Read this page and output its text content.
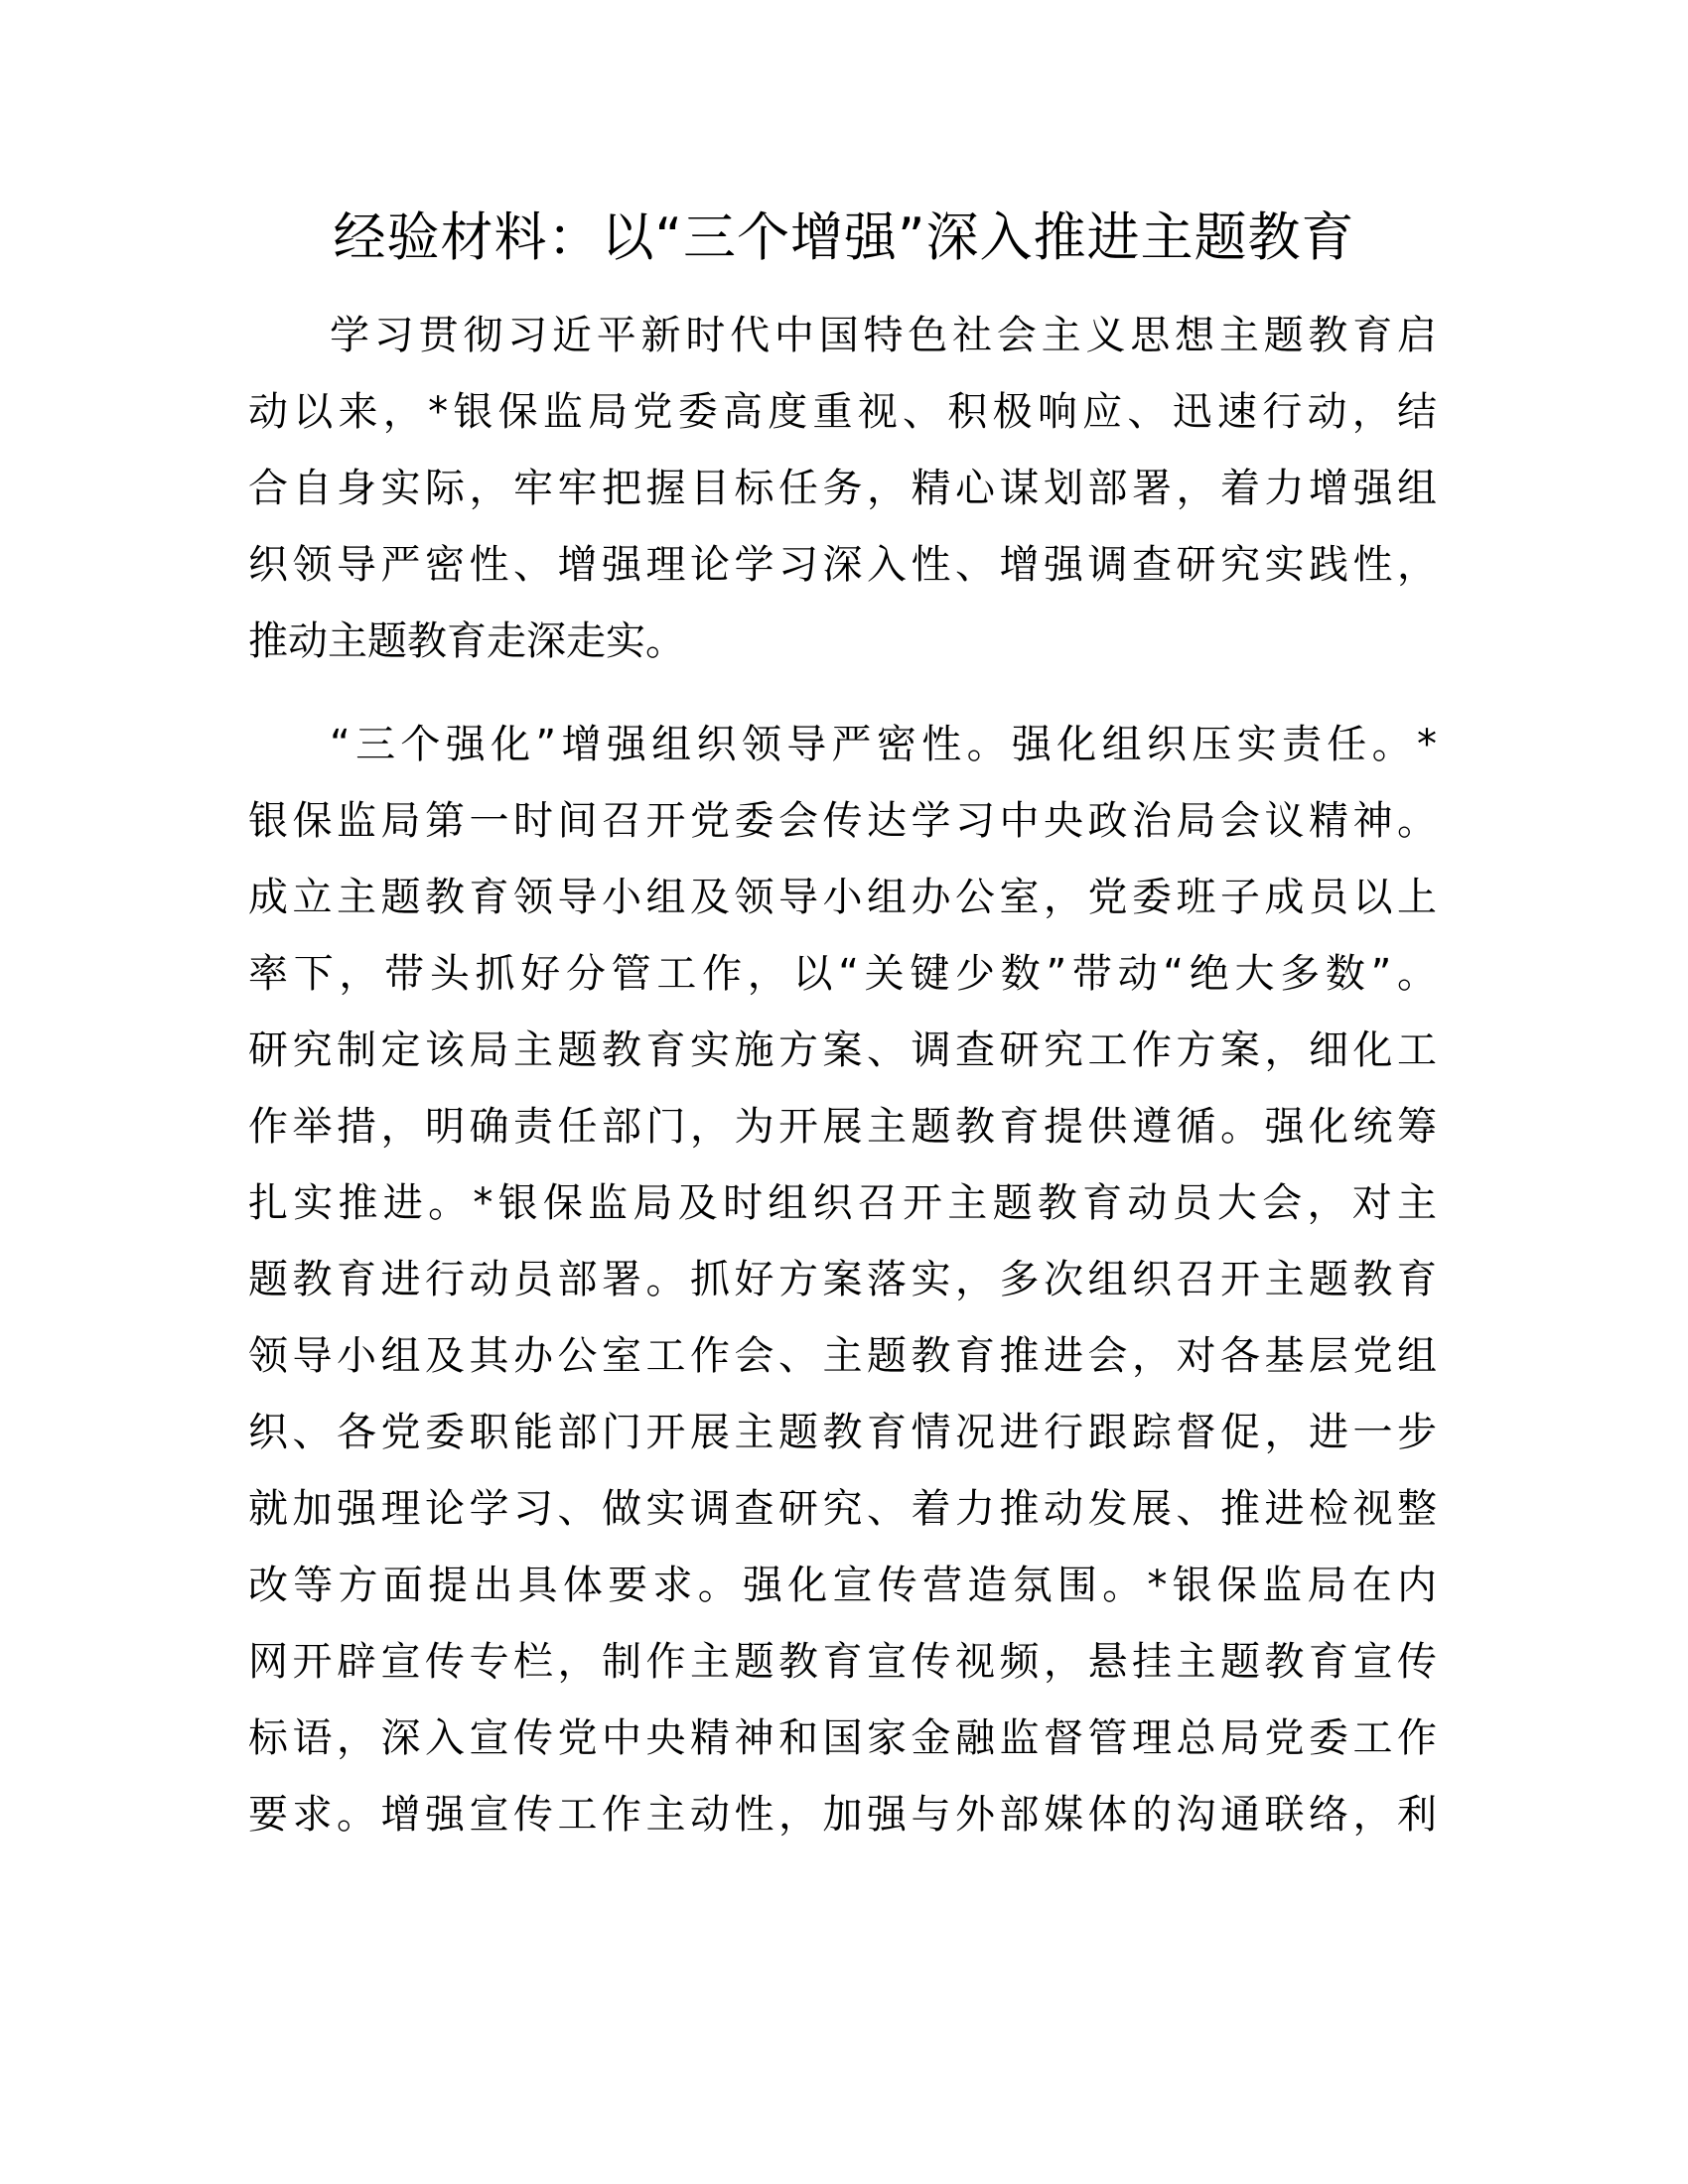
经验材料：以“三个增强”深入推进主题教育
学习贯彻习近平新时代中国特色社会主义思想主题教育启
动以来，*银保监局党委高度重视、积极响应、迅速行动，结
合自身实际，牢牢把握目标任务，精心谋划部署，着力增强组
织领导严密性、增强理论学习深入性、增强调查研究实践性，
推动主题教育走深走实。
“三个强化”增强组织领导严密性。强化组织压实责任。*
银保监局第一时间召开党委会传达学习中央政治局会议精神。
成立主题教育领导小组及领导小组办公室，党委班子成员以上
率下，带头抓好分管工作，以“关键少数”带动“绝大多数”。
研究制定该局主题教育实施方案、调查研究工作方案，细化工
作举措，明确责任部门，为开展主题教育提供遵循。强化统筹
扎实推进。*银保监局及时组织召开主题教育动员大会，对主
题教育进行动员部署。抓好方案落实，多次组织召开主题教育
领导小组及其办公室工作会、主题教育推进会，对各基层党组
织、各党委职能部门开展主题教育情况进行跟踪督促，进一步
就加强理论学习、做实调查研究、着力推动发展、推进检视整
改等方面提出具体要求。强化宣传营造氛围。*银保监局在内
网开辟宣传专栏，制作主题教育宣传视频，悬挂主题教育宣传
标语，深入宣传党中央精神和国家金融监督管理总局党委工作
要求。增强宣传工作主动性，加强与外部媒体的沟通联络，利
